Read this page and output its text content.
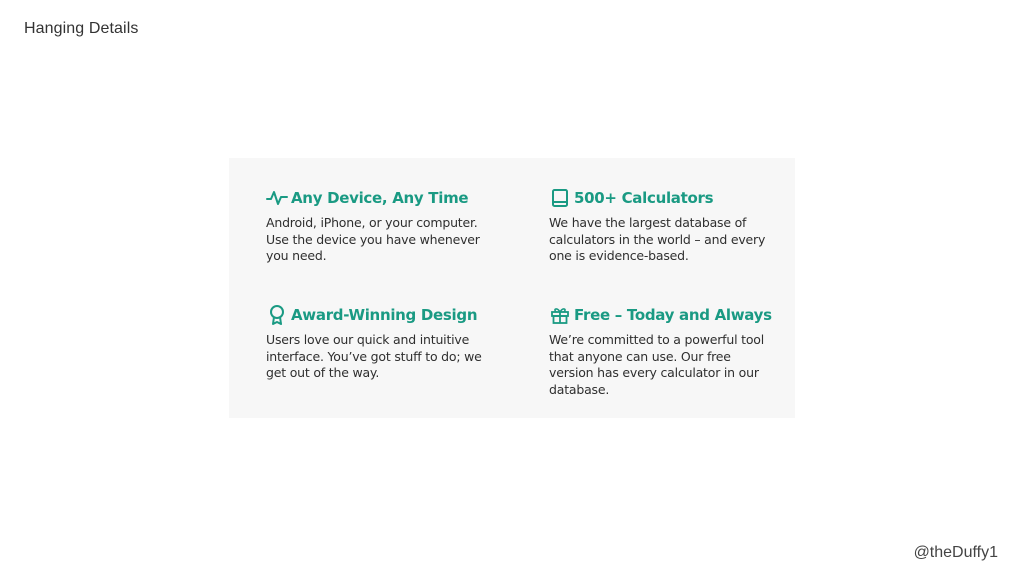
Hanging Details
Any Device, Any Time
Android, iPhone, or your computer. Use the device you have whenever you need.
500+ Calculators
We have the largest database of calculators in the world – and every one is evidence-based.
Award-Winning Design
Users love our quick and intuitive interface. You’ve got stuff to do; we get out of the way.
Free – Today and Always
We’re committed to a powerful tool that anyone can use. Our free version has every calculator in our database.
@theDuffy1
